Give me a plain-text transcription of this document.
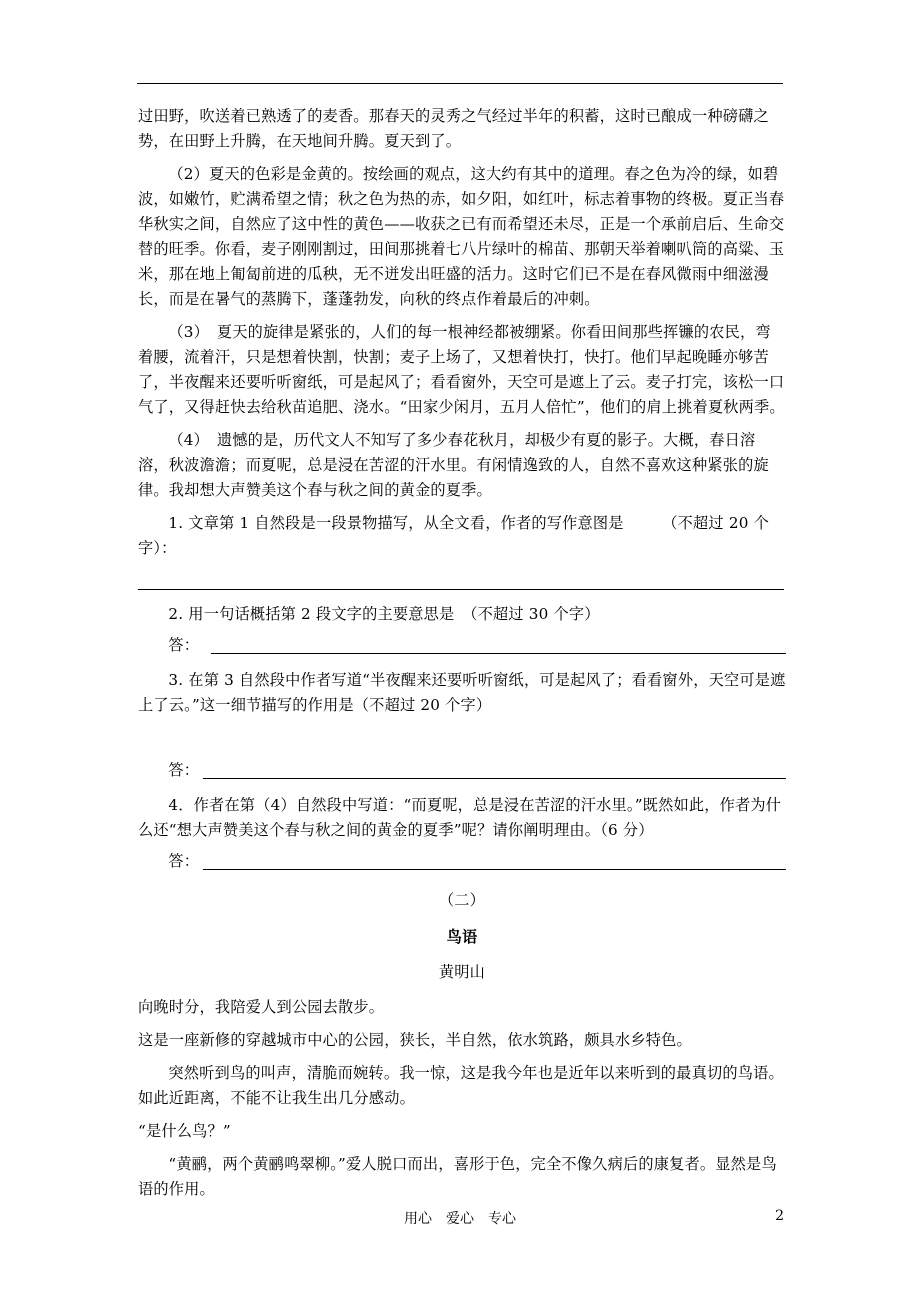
过田野，吹送着已熟透了的麦香。那春天的灵秀之气经过半年的积蓄，这时已酿成一种磅礴之势，在田野上升腾，在天地间升腾。夏天到了。

（2）夏天的色彩是金黄的。按绘画的观点，这大约有其中的道理。春之色为冷的绿，如碧波，如嫩竹，贮满希望之情；秋之色为热的赤，如夕阳，如红叶，标志着事物的终极。夏正当春华秋实之间，自然应了这中性的黄色——收获之已有而希望还未尽，正是一个承前启后、生命交替的旺季。你看，麦子刚刚割过，田间那挑着七八片绿叶的棉苗、那朝天举着喇叭筒的高粱、玉米，那在地上匍匐前进的瓜秧，无不迸发出旺盛的活力。这时它们已不是在春风微雨中细滋漫长，而是在暑气的蒸腾下，蓬蓬勃发，向秋的终点作着最后的冲刺。

（3）　夏天的旋律是紧张的，人们的每一根神经都被绷紧。你看田间那些挥镰的农民，弯着腰，流着汗，只是想着快割，快割；麦子上场了，又想着快打，快打。他们早起晚睡亦够苦了，半夜醒来还要听听窗纸，可是起风了；看看窗外，天空可是遮上了云。麦子打完，该松一口气了，又得赶快去给秋苗追肥、浇水。“田家少闲月，五月人倍忙”，他们的肩上挑着夏秋两季。

（4）　遗憾的是，历代文人不知写了多少春花秋月，却极少有夏的影子。大概，春日溶溶，秋波澹澹；而夏呢，总是浸在苦涩的汗水里。有闲情逸致的人，自然不喜欢这种紧张的旋律。我却想大声赞美这个春与秋之间的黄金的夏季。

1. 文章第 1 自然段是一段景物描写，从全文看，作者的写作意图是　　　（不超过 20 个字）：

2. 用一句话概括第 2 段文字的主要意思是　（不超过 30 个字）

答：

3. 在第 3 自然段中作者写道“半夜醒来还要听听窗纸，可是起风了；看看窗外，天空可是遮上了云。”这一细节描写的作用是（不超过 20 个字）

答：

4．作者在第（4）自然段中写道：“而夏呢，总是浸在苦涩的汗水里。”既然如此，作者为什么还“想大声赞美这个春与秋之间的黄金的夏季”呢？请你阐明理由。（6 分）

答：

（二）

鸟语

黄明山

向晚时分，我陪爱人到公园去散步。

这是一座新修的穿越城市中心的公园，狭长，半自然，依水筑路，颇具水乡特色。

突然听到鸟的叫声，清脆而婉转。我一惊，这是我今年也是近年以来听到的最真切的鸟语。如此近距离，不能不让我生出几分感动。

“是什么鸟？”

“黄鹂，两个黄鹂鸣翠柳。”爱人脱口而出，喜形于色，完全不像久病后的康复者。显然是鸟语的作用。

用心　爱心　专心	2
